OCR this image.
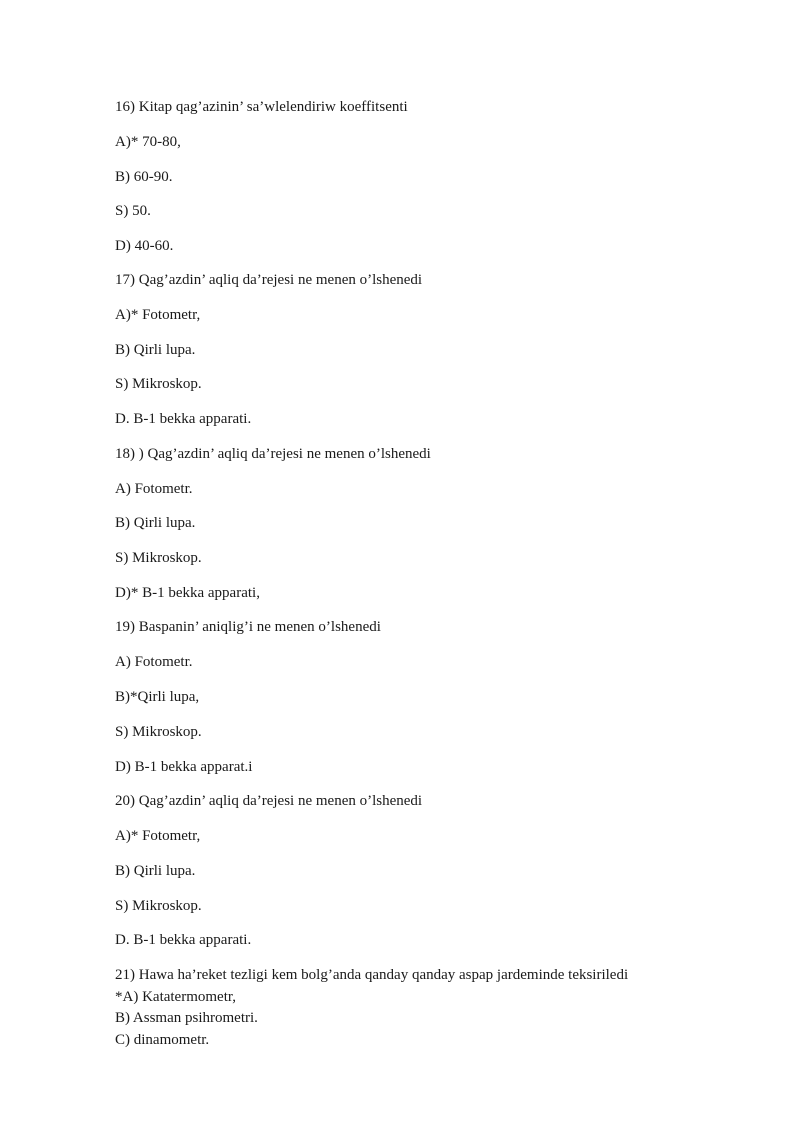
16) Kitap qag’azinin’ sa’wlelendiriw koeffitsenti
A)* 70-80,
B) 60-90.
S) 50.
D) 40-60.
17) Qag’azdin’ aqliq da’rejesi ne menen o’lshenedi
A)* Fotometr,
B) Qirli lupa.
S) Mikroskop.
D. B-1 bekka apparati.
18) ) Qag’azdin’ aqliq da’rejesi ne menen o’lshenedi
A) Fotometr.
B) Qirli lupa.
S) Mikroskop.
D)* B-1 bekka apparati,
19) Baspanin’ aniqlig’i ne menen o’lshenedi
A) Fotometr.
B)*Qirli lupa,
S) Mikroskop.
D) B-1 bekka apparat.i
20) Qag’azdin’ aqliq da’rejesi ne menen o’lshenedi
A)* Fotometr,
B) Qirli lupa.
S) Mikroskop.
D. B-1 bekka apparati.
21) Hawa ha’reket tezligi kem bolg’anda qanday qanday aspap jardeminde teksiriledi
*A) Katatermometr,
B) Assman psihrometri.
C) dinamometr.
